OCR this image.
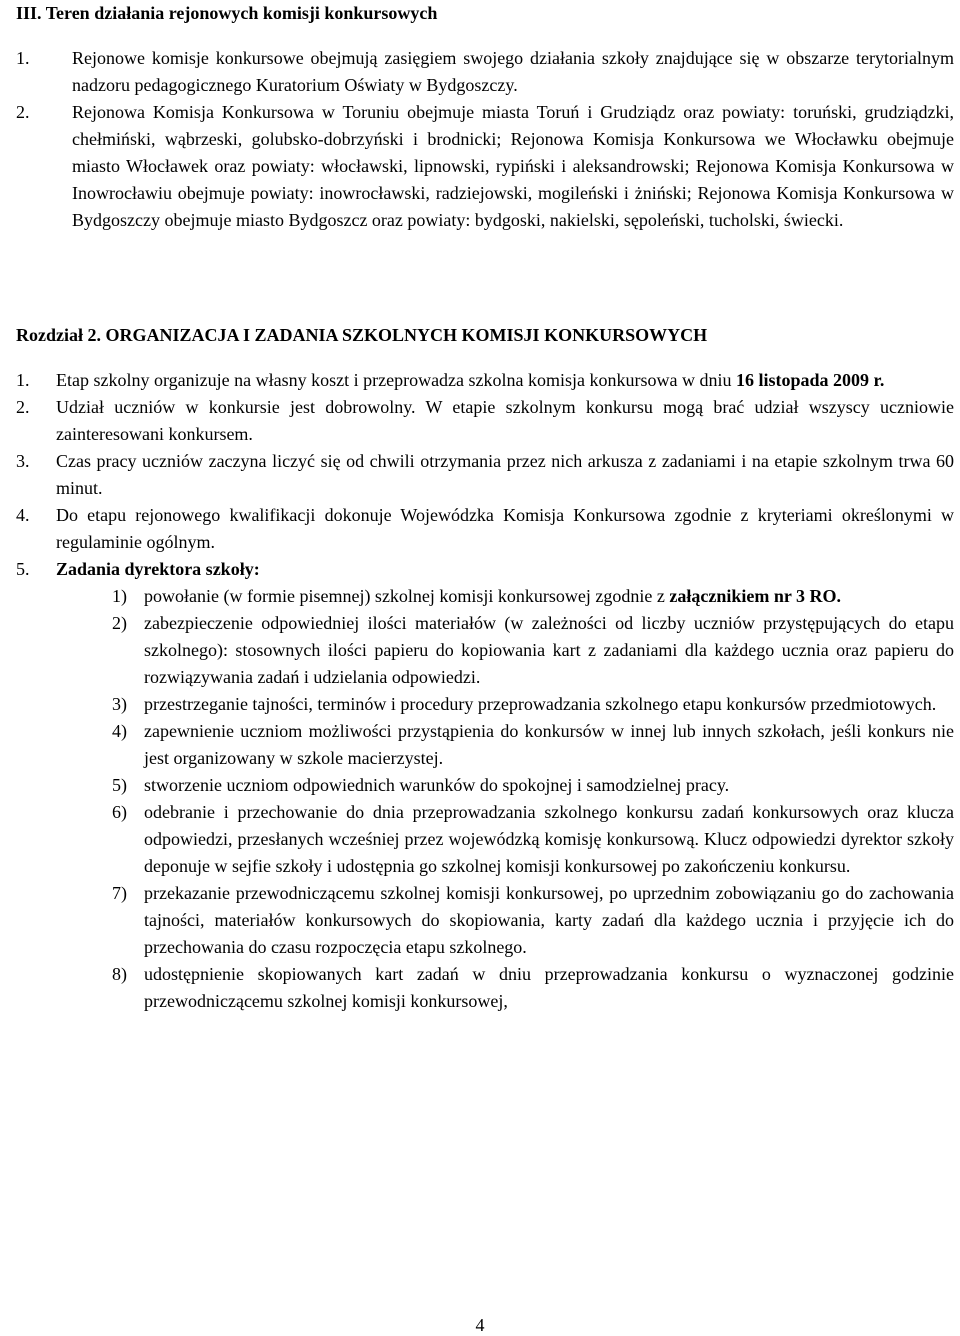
III. Teren działania rejonowych komisji konkursowych
1.	Rejonowe komisje konkursowe obejmują zasięgiem swojego działania szkoły znajdujące się w obszarze terytorialnym nadzoru pedagogicznego Kuratorium Oświaty w Bydgoszczy.
2.	Rejonowa Komisja Konkursowa w Toruniu obejmuje miasta Toruń i Grudziądz oraz powiaty: toruński, grudziądzki, chełmiński, wąbrzeski, golubsko-dobrzyński i brodnicki; Rejonowa Komisja Konkursowa we Włocławku obejmuje miasto Włocławek oraz powiaty: włocławski, lipnowski, rypiński i aleksandrowski; Rejonowa Komisja Konkursowa w Inowrocławiu obejmuje powiaty: inowrocławski, radziejowski, mogileński i żniński; Rejonowa Komisja Konkursowa w Bydgoszczy obejmuje miasto Bydgoszcz oraz powiaty: bydgoski, nakielski, sępoleński, tucholski, świecki.
Rozdział 2. ORGANIZACJA I ZADANIA SZKOLNYCH KOMISJI KONKURSOWYCH
1.	Etap szkolny organizuje na własny koszt i przeprowadza szkolna komisja konkursowa w dniu 16 listopada 2009 r.
2.	Udział uczniów w konkursie jest dobrowolny. W etapie szkolnym konkursu mogą brać udział wszyscy uczniowie zainteresowani konkursem.
3.	Czas pracy uczniów zaczyna liczyć się od chwili otrzymania przez nich arkusza z zadaniami i na etapie szkolnym trwa 60 minut.
4.	Do etapu rejonowego kwalifikacji dokonuje Wojewódzka Komisja Konkursowa zgodnie z kryteriami określonymi w regulaminie ogólnym.
5.	Zadania dyrektora szkoły:
1) powołanie (w formie pisemnej) szkolnej komisji konkursowej zgodnie z załącznikiem nr 3 RO.
2) zabezpieczenie odpowiedniej ilości materiałów (w zależności od liczby uczniów przystępujących do etapu szkolnego): stosownych ilości papieru do kopiowania kart z zadaniami dla każdego ucznia oraz papieru do rozwiązywania zadań i udzielania odpowiedzi.
3) przestrzeganie tajności, terminów i procedury przeprowadzania szkolnego etapu konkursów przedmiotowych.
4) zapewnienie uczniom możliwości przystąpienia do konkursów w innej lub innych szkołach, jeśli konkurs nie jest organizowany w szkole macierzystej.
5) stworzenie uczniom odpowiednich warunków do spokojnej i samodzielnej pracy.
6) odebranie i przechowanie do dnia przeprowadzania szkolnego konkursu zadań konkursowych oraz klucza odpowiedzi, przesłanych wcześniej przez wojewódzką komisję konkursową. Klucz odpowiedzi dyrektor szkoły deponuje w sejfie szkoły i udostępnia go szkolnej komisji konkursowej po zakończeniu konkursu.
7) przekazanie przewodniczącemu szkolnej komisji konkursowej, po uprzednim zobowiązaniu go do zachowania tajności, materiałów konkursowych do skopiowania, karty zadań dla każdego ucznia i przyjęcie ich do przechowania do czasu rozpoczęcia etapu szkolnego.
8) udostępnienie skopiowanych kart zadań w dniu przeprowadzania konkursu o wyznaczonej godzinie przewodniczącemu szkolnej komisji konkursowej,
4
